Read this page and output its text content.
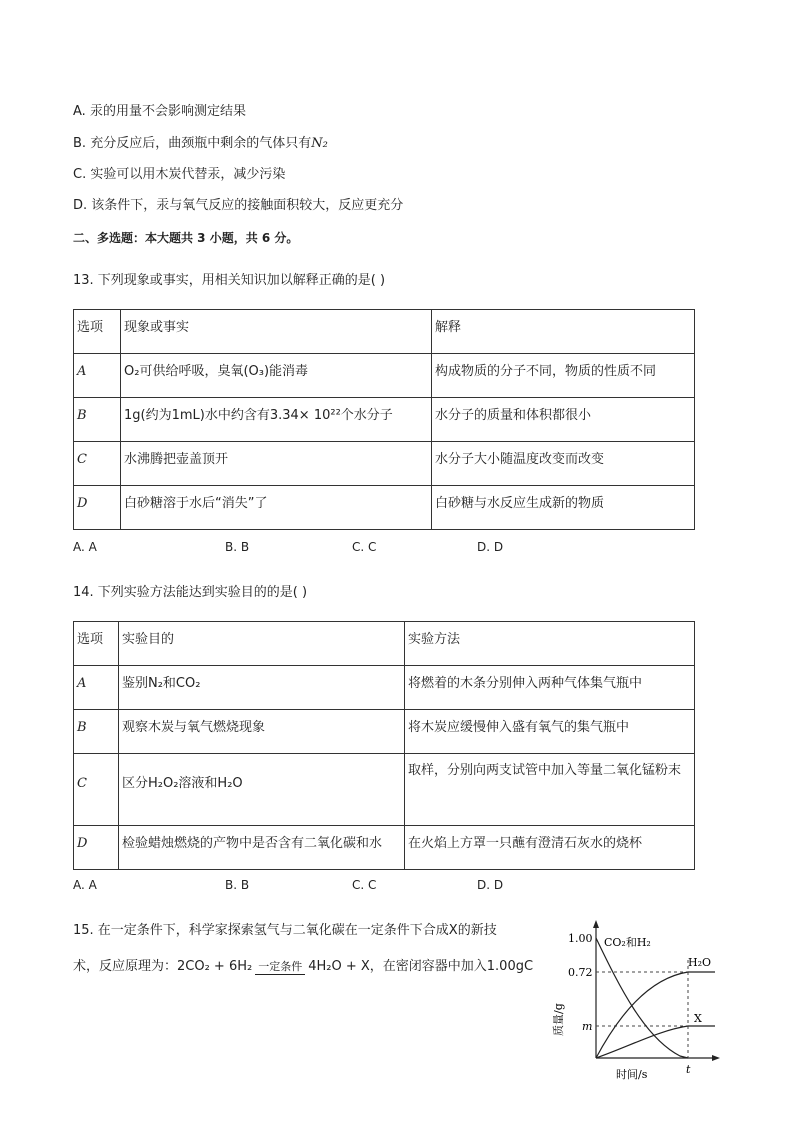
A. 汞的用量不会影响测定结果
B. 充分反应后，曲颈瓶中剩余的气体只有N₂
C. 实验可以用木炭代替汞，减少污染
D. 该条件下，汞与氧气反应的接触面积较大，反应更充分
二、多选题：本大题共 3 小题，共 6 分。
13. 下列现象或事实，用相关知识加以解释正确的是( )
选项	现象或事实	解释
A	O₂可供给呼吸，臭氧(O₃)能消毒	构成物质的分子不同，物质的性质不同
B	1g(约为1mL)水中约含有3.34× 10²²个水分子	水分子的质量和体积都很小
C	水沸腾把壶盖顶开	水分子大小随温度改变而改变
D	白砂糖溶于水后“消失”了	白砂糖与水反应生成新的物质
A. A	B. B	C. C	D. D
14. 下列实验方法能达到实验目的的是( )
选项	实验目的	实验方法
A	鉴别N₂和CO₂	将燃着的木条分别伸入两种气体集气瓶中
B	观察木炭与氧气燃烧现象	将木炭应缓慢伸入盛有氧气的集气瓶中
C	区分H₂O₂溶液和H₂O	取样，分别向两支试管中加入等量二氧化锰粉末
D	检验蜡烛燃烧的产物中是否含有二氧化碳和水	在火焰上方罩一只蘸有澄清石灰水的烧杯
A. A	B. B	C. C	D. D
15. 在一定条件下，科学家探索氢气与二氧化碳在一定条件下合成X的新技
术，反应原理为：2CO₂ + 6H₂ 一定条件 4H₂O + X，在密闭容器中加入1.00gC
1.00
0.72
m
t
CO₂和H₂
H₂O
X
时间/s
质量/g
